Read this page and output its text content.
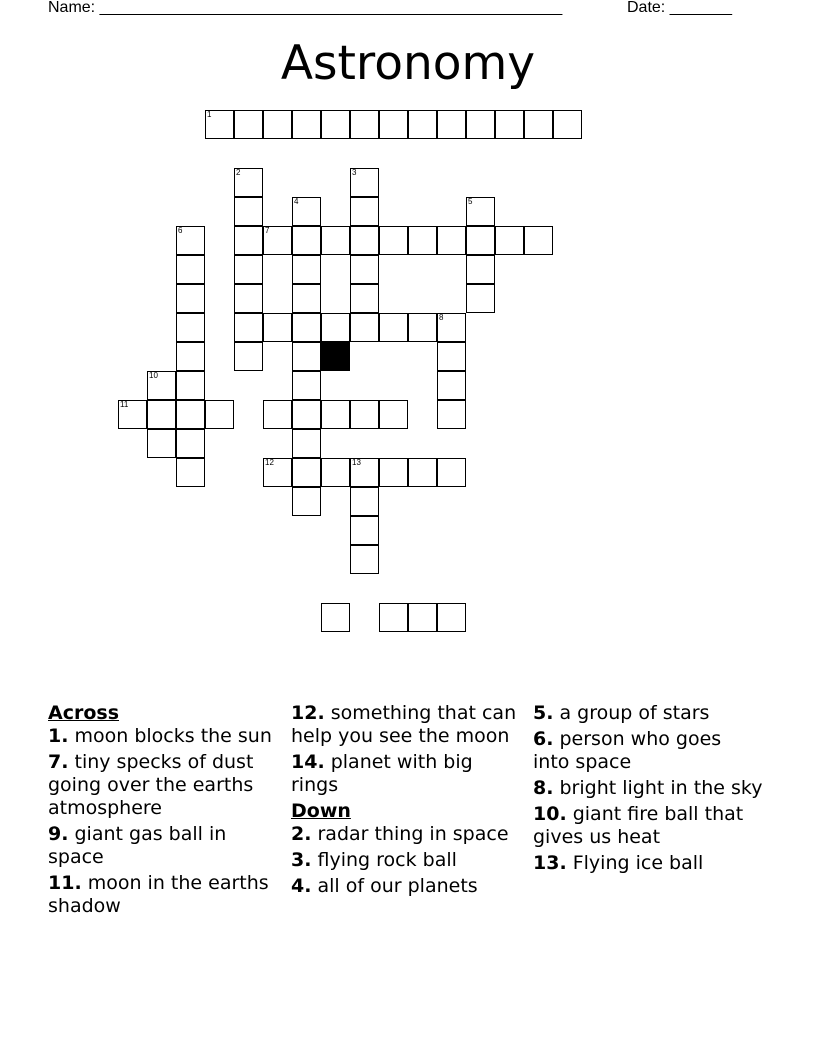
Name: ____________________________________________________	Date: _______
Astronomy
1
2	3
4	5
6	7
8
10
11
12	13
Across
1. moon blocks the sun
7. tiny specks of dust going over the earths atmosphere
9. giant gas ball in space
11. moon in the earths shadow
12. something that can help you see the moon
14. planet with big rings
Down
2. radar thing in space
3. flying rock ball
4. all of our planets
5. a group of stars
6. person who goes into space
8. bright light in the sky
10. giant fire ball that gives us heat
13. Flying ice ball
